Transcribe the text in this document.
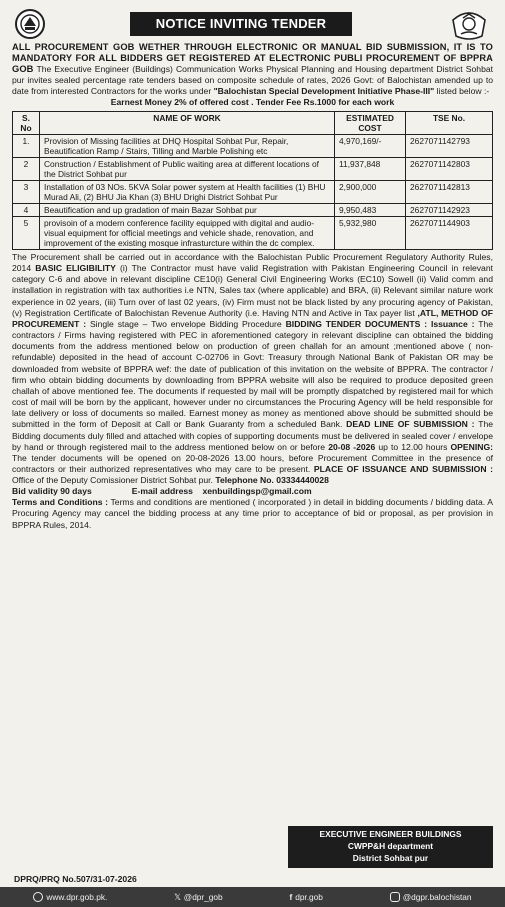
NOTICE INVITING TENDER
ALL PROCUREMENT GOB WETHER THROUGH ELECTRONIC OR MANUAL BID SUBMISSION, IT IS TO MANDATORY FOR ALL BIDDERS GET REGISTERED AT ELECTRONIC PUBLI PROCUREMENT OF BPPRA GOB The Executive Engineer (Buildings) Communication Works Physical Planning and Housing department District Sohbat pur invites sealed percentage rate tenders based on composite schedule of rates, 2026 Govt: of Balochistan amended up to date from interested Contractors for the works under "Balochistan Special Development Initiative Phase-III" listed below :-
Earnest Money 2% of offered cost . Tender Fee Rs.1000 for each work
S. No	NAME OF WORK	ESTIMATED COST	TSE No.
1.	Provision of Missing facilities at DHQ Hospital Sohbat Pur, Repair, Beautification Ramp / Stairs, Tilling and Marble Polishing etc	4,970,169/-	2627071142793
2	Construction / Establishment of Public waiting area at different locations of the District Sohbat pur	11,937,848	2627071142803
3	Installation of 03 NOs. 5KVA Solar power system at Health facilities (1) BHU Murad Ali, (2) BHU Jia Khan (3) BHU Drighi District Sohbat Pur	2,900,000	2627071142813
4	Beautification and up gradation of main Bazar Sohbat pur	9,950,483	2627071142923
5	provisoin of a modern conference facility equipped with digital and audio-visual equipment for official meetings and vehicle shade, renovation, and improvement of the existing mosque infrasturcture within the dc complex.	5,932,980	2627071144903
The Procurement shall be carried out in accordance with the Balochistan Public Procurement Regulatory Authority Rules, 2014 BASIC ELIGIBILITY (i) The Contractor must have valid Registration with Pakistan Engineering Council in relevant category C-6 and above in relevant discipline CE10(i) General Civil Engineering Works (EC10) Sowell (ii) Valid comm and installation in registration with tax authorities i.e NTN, Sales tax (where applicable) and BRA, (ii) Relevant similar nature work experience in 02 years, (iii) Turn over of last 02 years, (iv) Firm must not be black listed by any procuring agency of Pakistan, (v) Registration Certificate of Balochistan Revenue Authority (i.e. Having NTN and Active in Tax payer list ,ATL, METHOD OF PROCUREMENT : Single stage – Two envelope Bidding Procedure BIDDING TENDER DOCUMENTS : Issuance : The contractors / Firms having registered with PEC in aforementioned category in relevant discipline can obtained the bidding documents from the address mentioned below on production of green challah for an amount ;mentioned above ( non-refundable) deposited in the head of account C-02706 in Govt: Treasury through National Bank of Pakistan OR may be downloaded from website of BPPRA wef: the date of publication of this invitation on the website of BPPRA. The contractor / firm who obtain bidding documents by downloading from BPPRA website will also be required to produce deposited green challah of above mentioned fee. The documents if requested by mail will be promptly dispatched by registered mail for which cost of mail will be born by the applicant, however under no circumstances the Procuring Agency will be held responsible for late delivery or loss of documents so mailed. Earnest money as money as mentioned above should be submitted should be submitted in the form of Deposit at Call or Bank Guaranty from a scheduled Bank. DEAD LINE OF SUBMISSION : The Bidding documents duly filled and attached with copies of supporting documents must be delivered in sealed cover / envelope by hand or through registered mail to the address mentioned below on or before 20-08 -2026 up to 12.00 hours OPENING: The tender documents will be opened on 20-08-2026 13.00 hours, before Procurement Committee in the presence of contractors or their authorized representatives who may care to be present. PLACE OF ISSUANCE AND SUBMISSION : Office of the Deputy Comissioner District Sohbat pur. Telephone No. 03334440028
Bid validity 90 days	E-mail address xenbuildingsp@gmail.com
Terms and Conditions : Terms and conditions are mentioned ( incorporated ) in detail in bidding documents / bidding data. A Procuring Agency may cancel the bidding process at any time prior to acceptance of bid or proposal, as per provision in BPPRA Rules, 2014.
EXECUTIVE ENGINEER BUILDINGS
CWPP&H department
District Sohbat pur
DPRQ/PRQ No.507/31-07-2026
www.dpr.gob.pk.	𝕏 @dpr_gob	f dpr.gob	@dgpr.balochistan
